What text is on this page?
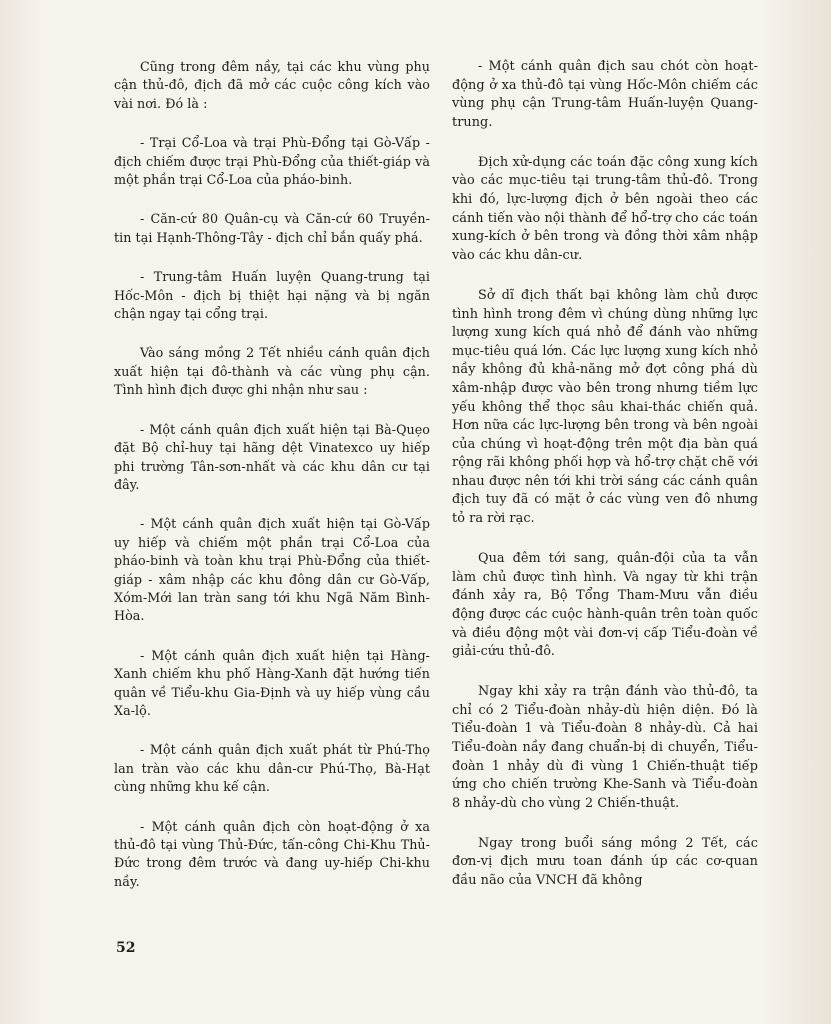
Cũng trong đêm nầy, tại các khu vùng phụ cận thủ-đô, địch đã mở các cuộc công kích vào vài nơi. Đó là :

- Trại Cổ-Loa và trại Phù-Đổng tại Gò-Vấp - địch chiếm được trại Phù-Đổng của thiết-giáp và một phần trại Cổ-Loa của pháo-binh.

- Căn-cứ 80 Quân-cụ và Căn-cứ 60 Truyền-tin tại Hạnh-Thông-Tây - địch chỉ bắn quấy phá.

- Trung-tâm Huấn luyện Quang-trung tại Hốc-Môn - địch bị thiệt hại nặng và bị ngăn chận ngay tại cổng trại.

Vào sáng mồng 2 Tết nhiều cánh quân địch xuất hiện tại đô-thành và các vùng phụ cận. Tình hình địch được ghi nhận như sau :

- Một cánh quân địch xuất hiện tại Bà-Quẹo đặt Bộ chỉ-huy tại hãng dệt Vinatexco uy hiếp phi trường Tân-sơn-nhất và các khu dân cư tại đây.

- Một cánh quân địch xuất hiện tại Gò-Vấp uy hiếp và chiếm một phần trại Cổ-Loa của pháo-binh và toàn khu trại Phù-Đổng của thiết-giáp - xâm nhập các khu đông dân cư Gò-Vấp, Xóm-Mới lan tràn sang tới khu Ngã Năm Bình-Hòa.

- Một cánh quân địch xuất hiện tại Hàng-Xanh chiếm khu phố Hàng-Xanh đặt hướng tiến quân về Tiểu-khu Gia-Định và uy hiếp vùng cầu Xa-lộ.

- Một cánh quân địch xuất phát từ Phú-Thọ lan tràn vào các khu dân-cư Phú-Thọ, Bà-Hạt cùng những khu kế cận.

- Một cánh quân địch còn hoạt-động ở xa thủ-đô tại vùng Thủ-Đức, tấn-công Chi-Khu Thủ-Đức trong đêm trước và đang uy-hiếp Chi-khu nầy.

- Một cánh quân địch sau chót còn hoạt-động ở xa thủ-đô tại vùng Hốc-Môn chiếm các vùng phụ cận Trung-tâm Huấn-luyện Quang-trung.

Địch xử-dụng các toán đặc công xung kích vào các mục-tiêu tại trung-tâm thủ-đô. Trong khi đó, lực-lượng địch ở bên ngoài theo các cánh tiến vào nội thành để hổ-trợ cho các toán xung-kích ở bên trong và đồng thời xâm nhập vào các khu dân-cư.

Sở dĩ địch thất bại không làm chủ được tình hình trong đêm vì chúng dùng những lực lượng xung kích quá nhỏ để đánh vào những mục-tiêu quá lớn. Các lực lượng xung kích nhỏ nầy không đủ khả-năng mở đợt công phá dù xâm-nhập được vào bên trong nhưng tiềm lực yếu không thể thọc sâu khai-thác chiến quả. Hơn nữa các lực-lượng bên trong và bên ngoài của chúng vì hoạt-động trên một địa bàn quá rộng rãi không phối hợp và hổ-trợ chặt chẽ với nhau được nên tới khi trời sáng các cánh quân địch tuy đã có mặt ở các vùng ven đô nhưng tỏ ra rời rạc.

Qua đêm tới sang, quân-đội của ta vẫn làm chủ được tình hình. Và ngay từ khi trận đánh xảy ra, Bộ Tổng Tham-Mưu vẫn điều động được các cuộc hành-quân trên toàn quốc và điều động một vài đơn-vị cấp Tiểu-đoàn về giải-cứu thủ-đô.

Ngay khi xảy ra trận đánh vào thủ-đô, ta chỉ có 2 Tiểu-đoàn nhảy-dù hiện diện. Đó là Tiểu-đoàn 1 và Tiểu-đoàn 8 nhảy-dù. Cả hai Tiểu-đoàn nầy đang chuẩn-bị di chuyển, Tiểu-đoàn 1 nhảy dù đi vùng 1 Chiến-thuật tiếp ứng cho chiến trường Khe-Sanh và Tiểu-đoàn 8 nhảy-dù cho vùng 2 Chiến-thuật.

Ngay trong buổi sáng mồng 2 Tết, các đơn-vị địch mưu toan đánh úp các cơ-quan đầu não của VNCH đã không

52
